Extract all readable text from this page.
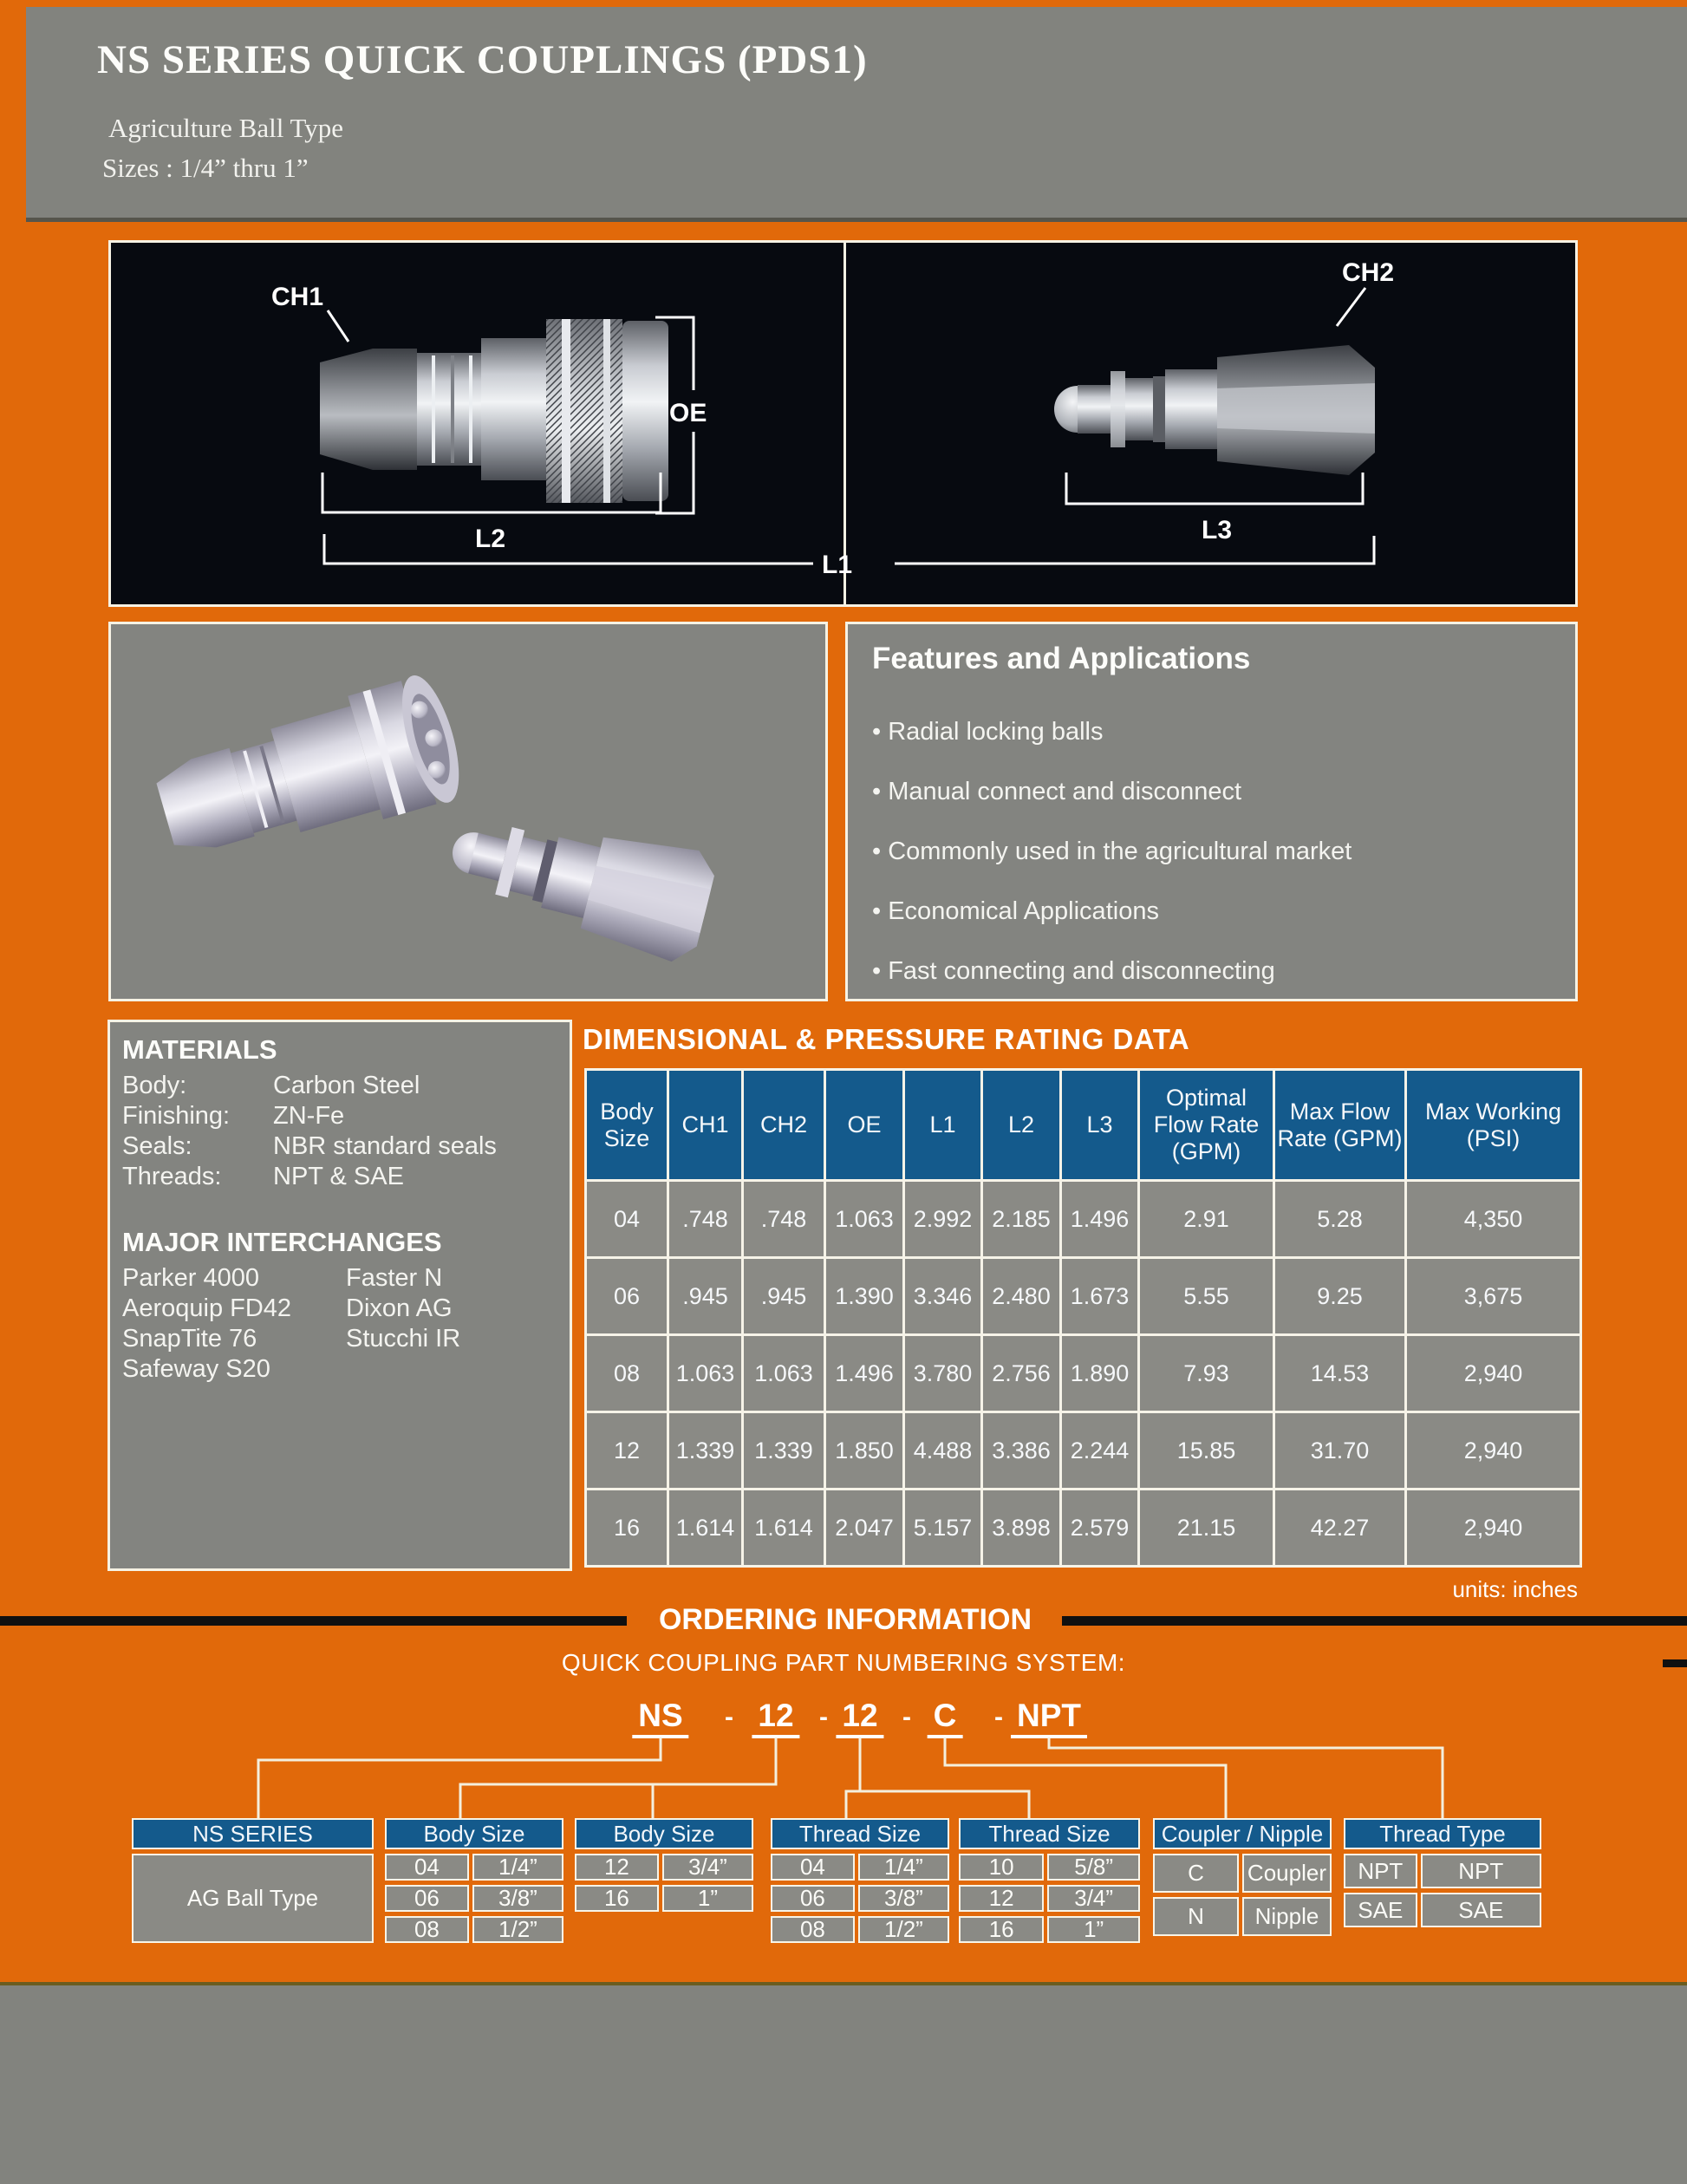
NS SERIES QUICK COUPLINGS (PDS1)
Agriculture Ball Type
Sizes : 1/4” thru 1”
CH1
CH2
OE
L2
L1
L3
Features and Applications
• Radial locking balls
• Manual connect and disconnect
• Commonly used in the agricultural market
• Economical Applications
• Fast connecting and disconnecting
MATERIALS
Body:	Carbon Steel
Finishing:	ZN-Fe
Seals:	NBR standard seals
Threads:	NPT & SAE
MAJOR INTERCHANGES
Parker 4000	Faster N
Aeroquip FD42	Dixon AG
SnapTite 76	Stucchi IR
Safeway S20
DIMENSIONAL & PRESSURE RATING DATA
Body Size	CH1	CH2	OE	L1	L2	L3	Optimal Flow Rate (GPM)	Max Flow Rate (GPM)	Max Working (PSI)
04	.748	.748	1.063	2.992	2.185	1.496	2.91	5.28	4,350
06	.945	.945	1.390	3.346	2.480	1.673	5.55	9.25	3,675
08	1.063	1.063	1.496	3.780	2.756	1.890	7.93	14.53	2,940
12	1.339	1.339	1.850	4.488	3.386	2.244	15.85	31.70	2,940
16	1.614	1.614	2.047	5.157	3.898	2.579	21.15	42.27	2,940
units: inches
ORDERING INFORMATION
QUICK COUPLING PART NUMBERING SYSTEM:
NS - 12 - 12 - C - NPT
NS SERIES
AG Ball Type
Body Size
04	1/4”
06	3/8”
08	1/2”
Body Size
12	3/4”
16	1”
Thread Size
04	1/4”
06	3/8”
08	1/2”
Thread Size
10	5/8”
12	3/4”
16	1”
Coupler / Nipple
C	Coupler
N	Nipple
Thread Type
NPT	NPT
SAE	SAE
